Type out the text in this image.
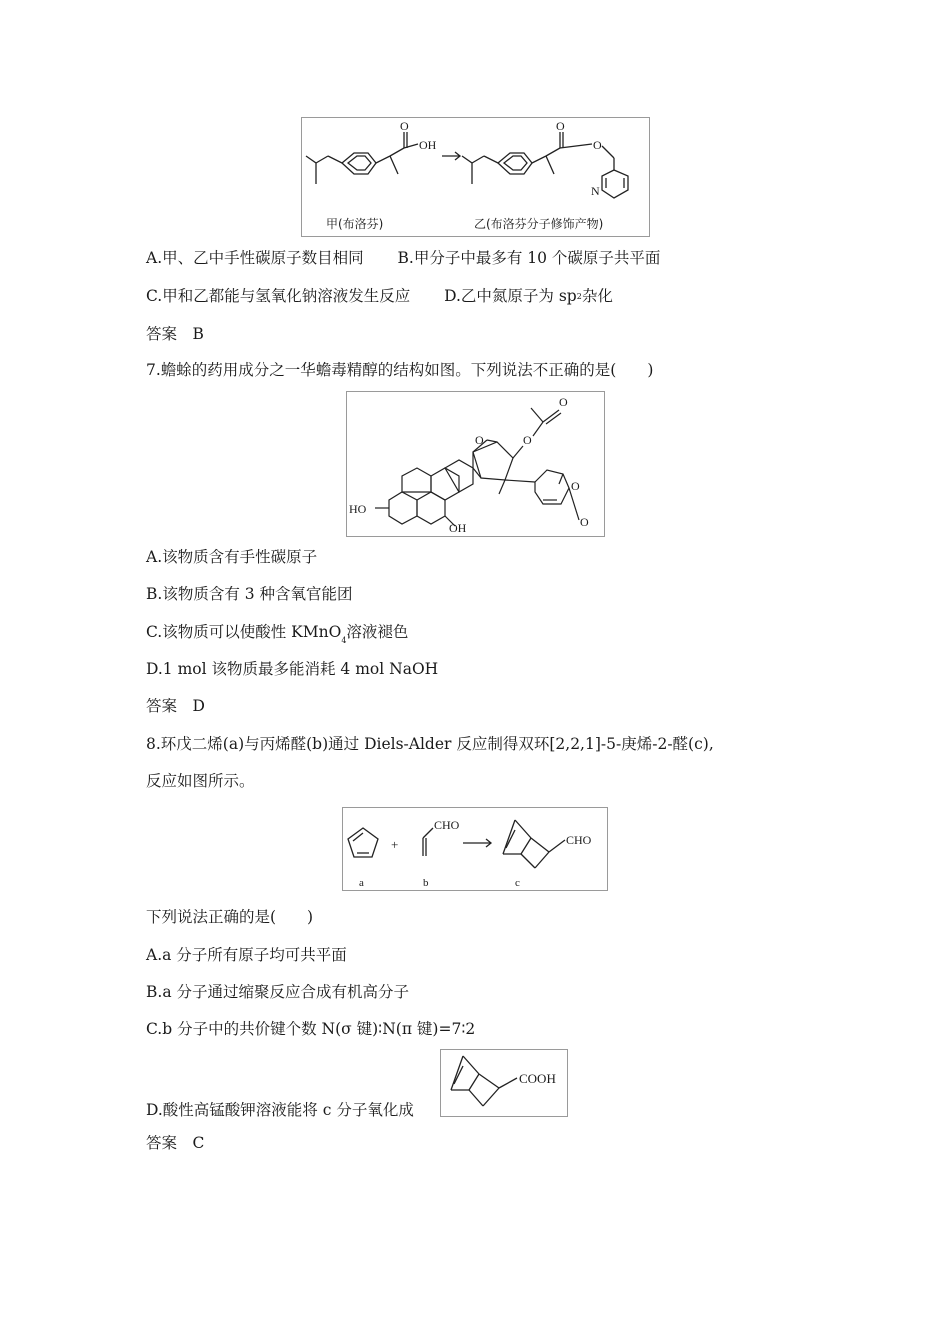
O
OH
O
O
N
甲(布洛芬)	乙(布洛芬分子修饰产物)
A.甲、乙中手性碳原子数目相同 B.甲分子中最多有 10 个碳原子共平面
C.甲和乙都能与氢氧化钠溶液发生反应 D.乙中氮原子为 $sp^2$杂化
答案　B
7.蟾蜍的药用成分之一华蟾毒精醇的结构如图。下列说法不正确的是(　　)
HO
OH
O	O
O
O
O
A.该物质含有手性碳原子
B.该物质含有 3 种含氧官能团
C.该物质可以使酸性 KMnO$_4$溶液褪色
D.1 mol 该物质最多能消耗 4 mol NaOH
答案　D
8.环戊二烯(a)与丙烯醛(b)通过 Diels-Alder 反应制得双环[2,2,1]-5-庚烯-2-醛(c),
反应如图所示。
+
CHO
CHO
a	b	c
下列说法正确的是(　　)
A.a 分子所有原子均可共平面
B.a 分子通过缩聚反应合成有机高分子
C.b 分子中的共价键个数 N(σ 键)∶N(π 键)=7∶2
D.酸性高锰酸钾溶液能将 c 分子氧化成
COOH
答案　C
